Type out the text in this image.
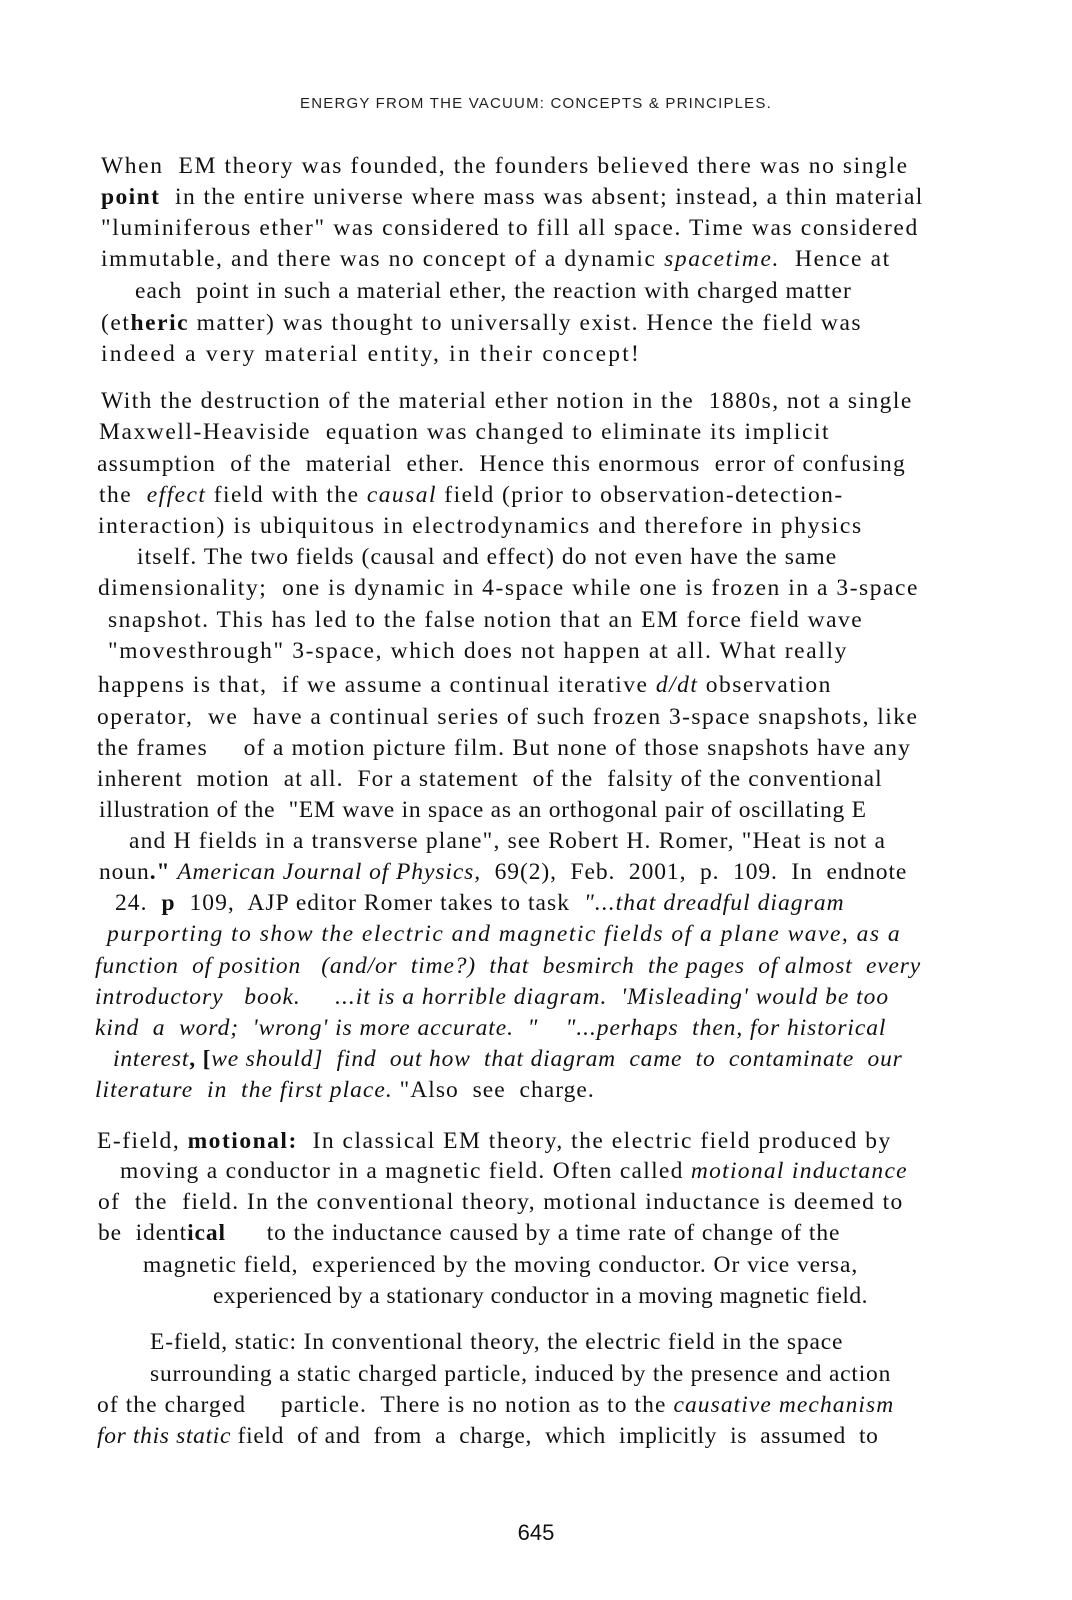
ENERGY FROM THE VACUUM: CONCEPTS & PRINCIPLES.
When  EM theory was founded, the founders believed there was no single
point  in the entire universe where mass was absent; instead, a thin material
"luminiferous ether" was considered to fill all space. Time was considered
immutable, and there was no concept of a dynamic spacetime.  Hence at
each  point in such a material ether, the reaction with charged matter
(etheric matter) was thought to universally exist. Hence the field was
indeed a very material entity, in their concept!
With the destruction of the material ether notion in the  1880s, not a single
Maxwell-Heaviside  equation was changed to eliminate its implicit
assumption  of the  material  ether.  Hence this enormous  error of confusing
the  effect field with the causal field (prior to observation-detection-
interaction) is ubiquitous in electrodynamics and therefore in physics
itself. The two fields (causal and effect) do not even have the same
dimensionality;  one is dynamic in 4-space while one is frozen in a 3-space
snapshot. This has led to the false notion that an EM force field wave
"movesthrough" 3-space, which does not happen at all. What really
happens is that,  if we assume a continual iterative d/dt observation
operator,  we  have a continual series of such frozen 3-space snapshots, like
the frames     of a motion picture film. But none of those snapshots have any
inherent  motion  at all.  For a statement  of the  falsity of the conventional
illustration of the  "EM wave in space as an orthogonal pair of oscillating E
and H fields in a transverse plane", see Robert H. Romer, "Heat is not a
noun." American Journal of Physics,  69(2),  Feb.  2001,  p.  109.  In  endnote
24.  p  109,  AJP editor Romer takes to task  "...that dreadful diagram
purporting to show the electric and magnetic fields of a plane wave, as a
function  of position   (and/or  time?)  that  besmirch  the pages  of almost  every
introductory   book.     ...it is a horrible diagram.  'Misleading' would be too
kind  a  word;  'wrong' is more accurate.  "    "...perhaps  then, for historical
interest, [we should]  find  out how  that diagram  came  to  contaminate  our
literature  in  the first place. "Also  see  charge.
E-field, motional:  In classical EM theory, the electric field produced by
moving a conductor in a magnetic field. Often called motional inductance
of  the  field. In the conventional theory, motional inductance is deemed to
be  identical      to the inductance caused by a time rate of change of the
magnetic field,  experienced by the moving conductor. Or vice versa,
experienced by a stationary conductor in a moving magnetic field.
E-field, static: In conventional theory, the electric field in the space
surrounding a static charged particle, induced by the presence and action
of the charged     particle.  There is no notion as to the causative mechanism
for this static field  of and  from  a  charge,  which  implicitly  is  assumed  to
645
